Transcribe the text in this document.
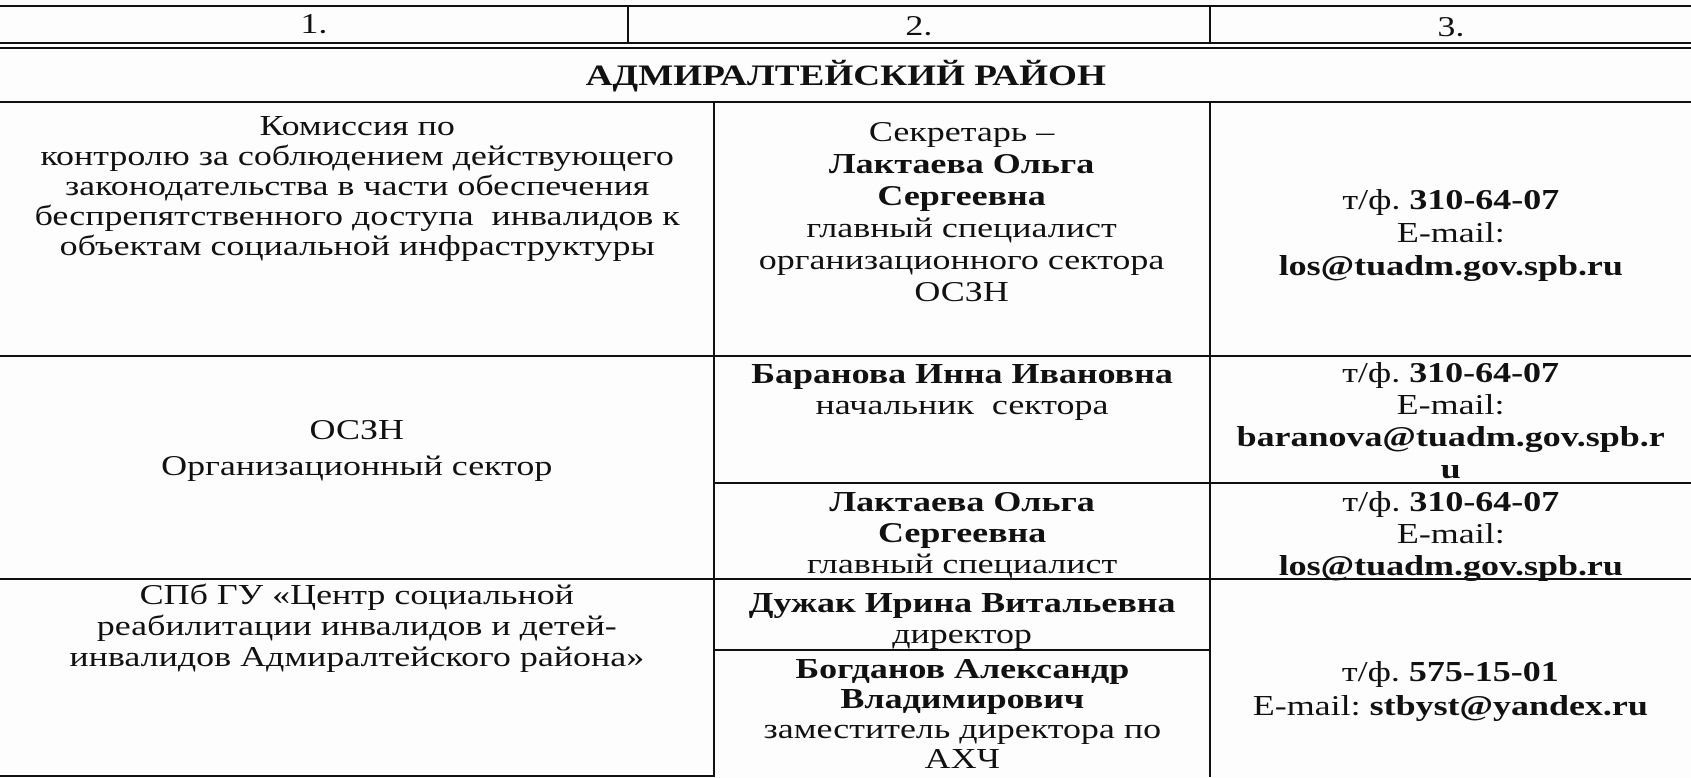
1.	2.	3.
АДМИРАЛТЕЙСКИЙ РАЙОН
Комиссия по
контролю за соблюдением действующего
законодательства в части обеспечения
беспрепятственного доступа  инвалидов к
объектам социальной инфраструктуры
Секретарь –
Лактаева Ольга
Сергеевна
главный специалист
организационного сектора
ОСЗН
т/ф. 310-64-07
E-mail:
los@tuadm.gov.spb.ru
ОСЗН
Организационный сектор
Баранова Инна Ивановна
начальник  сектора
т/ф. 310-64-07
E-mail:
baranova@tuadm.gov.spb.r
u
Лактаева Ольга
Сергеевна
главный специалист
т/ф. 310-64-07
E-mail:
los@tuadm.gov.spb.ru
СПб ГУ «Центр социальной
реабилитации инвалидов и детей-
инвалидов Адмиралтейского района»
Дужак Ирина Витальевна
директор
Богданов Александр
Владимирович
заместитель директора по
АХЧ
т/ф. 575-15-01
E-mail: stbyst@yandex.ru
